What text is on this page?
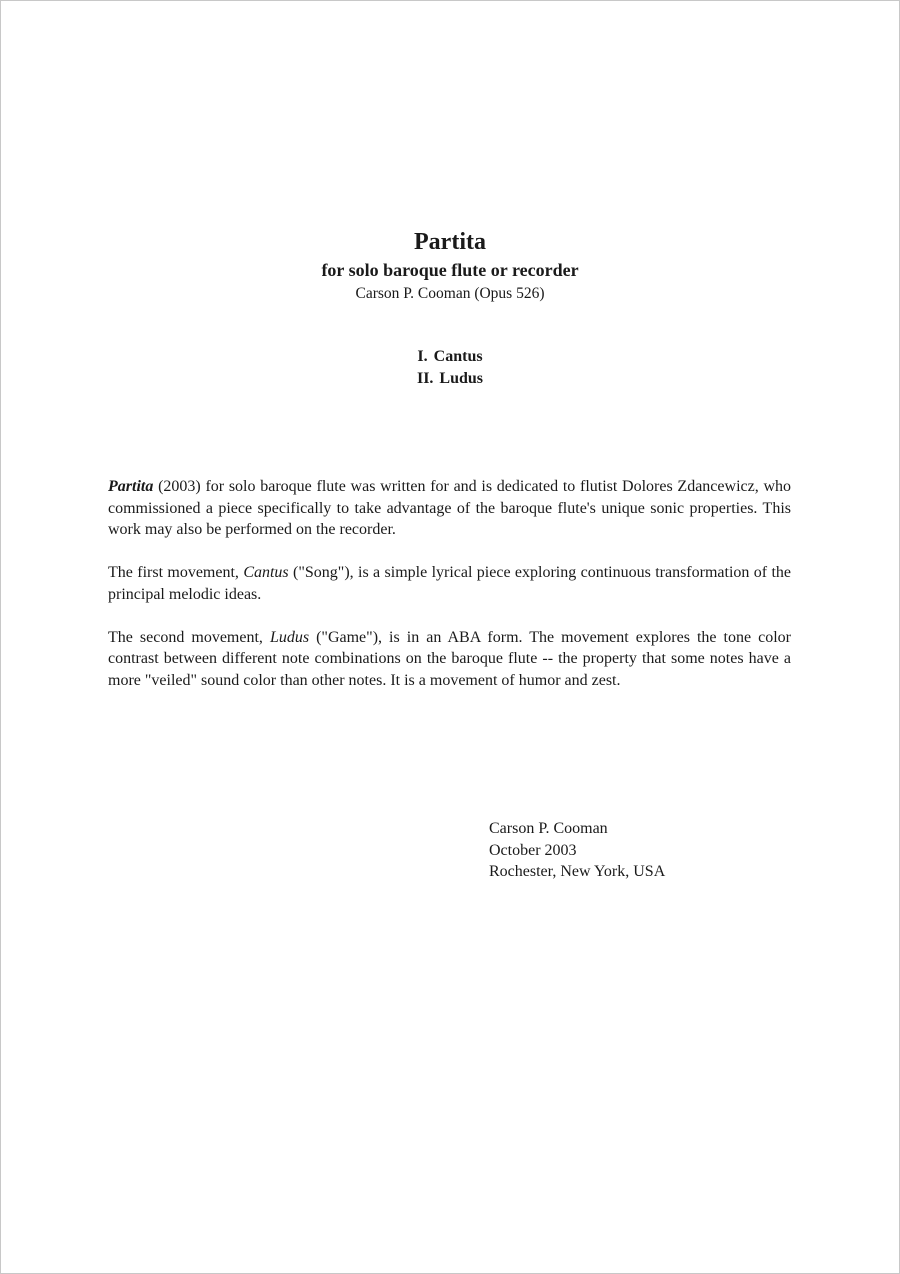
Partita
for solo baroque flute or recorder
Carson P. Cooman (Opus 526)
I. Cantus
II. Ludus

Partita (2003) for solo baroque flute was written for and is dedicated to flutist Dolores Zdancewicz, who commissioned a piece specifically to take advantage of the baroque flute's unique sonic properties. This work may also be performed on the recorder.

The first movement, Cantus ("Song"), is a simple lyrical piece exploring continuous transformation of the principal melodic ideas.

The second movement, Ludus ("Game"), is in an ABA form. The movement explores the tone color contrast between different note combinations on the baroque flute -- the property that some notes have a more "veiled" sound color than other notes. It is a movement of humor and zest.

Carson P. Cooman
October 2003
Rochester, New York, USA
